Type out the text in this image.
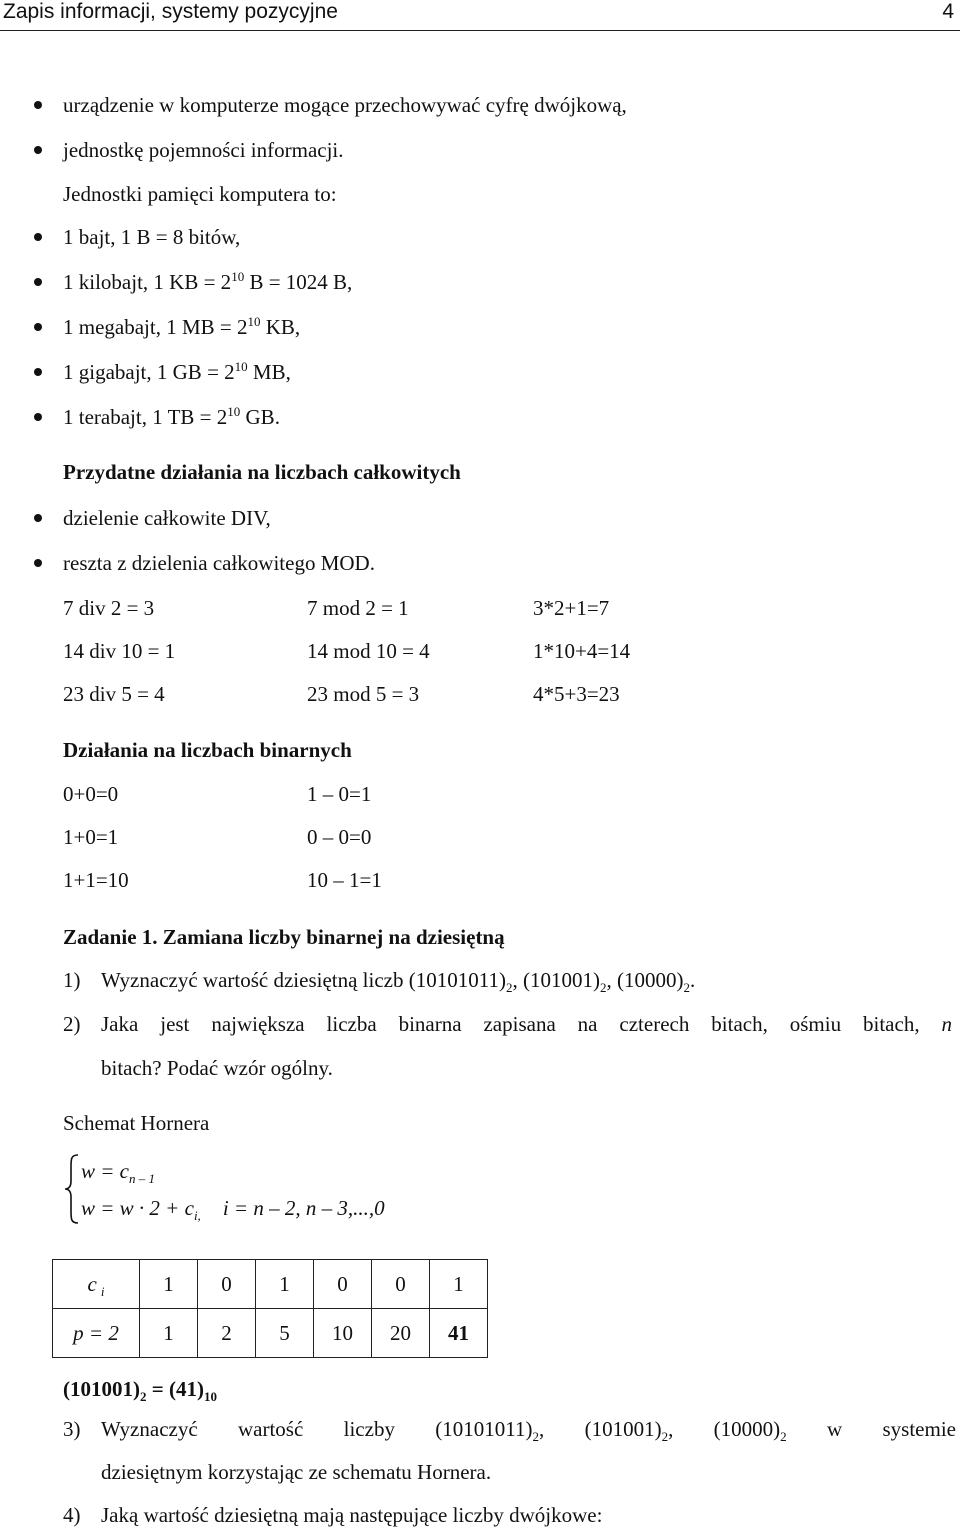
Zapis informacji, systemy pozycyjne	4
urządzenie w komputerze mogące przechowywać cyfrę dwójkową,
jednostkę pojemności informacji.
Jednostki pamięci komputera to:
1 bajt, 1 B = 8 bitów,
1 kilobajt, 1 KB = $2^{10}$ B = 1024 B,
1 megabajt, 1 MB = $2^{10}$ KB,
1 gigabajt, 1 GB = $2^{10}$ MB,
1 terabajt, 1 TB = $2^{10}$ GB.
Przydatne działania na liczbach całkowitych
dzielenie całkowite DIV,
reszta z dzielenia całkowitego MOD.
7 div 2 = 3	7 mod 2 = 1	3*2+1=7
14 div 10 = 1	14 mod 10 = 4	1*10+4=14
23 div 5 = 4	23 mod 5 = 3	4*5+3=23
Działania na liczbach binarnych
0+0=0	1 – 0=1
1+0=1	0 – 0=0
1+1=10	10 – 1=1
Zadanie 1. Zamiana liczby binarnej na dziesiętną
1) Wyznaczyć wartość dziesiętną liczb $(10101011)_2$, $(101001)_2$, $(10000)_2$.
2) Jaka jest największa liczba binarna zapisana na czterech bitach, ośmiu bitach, n
bitach? Podać wzór ogólny.
Schemat Hornera
$w = c_{n - 1}$
$w = w \cdot 2 + c_{i,}$ i = n – 2, n – 3,...,0
c $_i$	1	0	1	0	0	1
p = 2	1	2	5	10	20	41
$(101001)_2 = (41)_{10}$
3) Wyznaczyć wartość liczby $(10101011)_2$, $(101001)_2$, $(10000)_2$ w systemie
dziesiętnym korzystając ze schematu Hornera.
4) Jaką wartość dziesiętną mają następujące liczby dwójkowe:
